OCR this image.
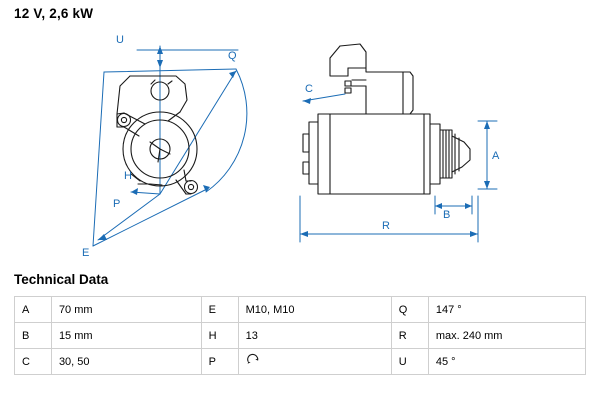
12 V, 2,6 kW
U
Q
H
P
E
C
A
B
R
Technical Data
A	70 mm	E	M10, M10	Q	147 °
B	15 mm	H	13	R	max. 240 mm
C	30, 50	P		U	45 °
